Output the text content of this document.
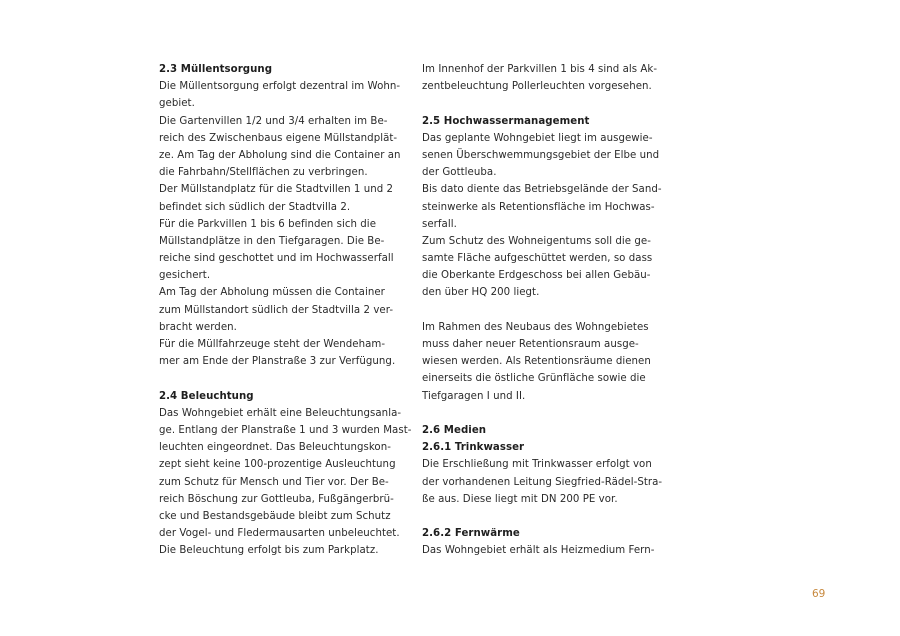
2.3 Müllentsorgung
Die Müllentsorgung erfolgt dezentral im Wohn-
gebiet.
Die Gartenvillen 1/2 und 3/4 erhalten im Be-
reich des Zwischenbaus eigene Müllstandplät-
ze. Am Tag der Abholung sind die Container an
die Fahrbahn/Stellflächen zu verbringen.
Der Müllstandplatz für die Stadtvillen 1 und 2
befindet sich südlich der Stadtvilla 2.
Für die Parkvillen 1 bis 6 befinden sich die
Müllstandplätze in den Tiefgaragen. Die Be-
reiche sind geschottet und im Hochwasserfall
gesichert.
Am Tag der Abholung müssen die Container
zum Müllstandort südlich der Stadtvilla 2 ver-
bracht werden.
Für die Müllfahrzeuge steht der Wendeham-
mer am Ende der Planstraße 3 zur Verfügung.
2.4 Beleuchtung
Das Wohngebiet erhält eine Beleuchtungsanla-
ge. Entlang der Planstraße 1 und 3 wurden Mast-
leuchten eingeordnet. Das Beleuchtungskon-
zept sieht keine 100-prozentige Ausleuchtung
zum Schutz für Mensch und Tier vor. Der Be-
reich Böschung zur Gottleuba, Fußgängerbrü-
cke und Bestandsgebäude bleibt zum Schutz
der Vogel- und Fledermausarten unbeleuchtet.
Die Beleuchtung erfolgt bis zum Parkplatz.
Im Innenhof der Parkvillen 1 bis 4 sind als Ak-
zentbeleuchtung Pollerleuchten vorgesehen.
2.5 Hochwassermanagement
Das geplante Wohngebiet liegt im ausgewie-
senen Überschwemmungsgebiet der Elbe und
der Gottleuba.
Bis dato diente das Betriebsgelände der Sand-
steinwerke als Retentionsfläche im Hochwas-
serfall.
Zum Schutz des Wohneigentums soll die ge-
samte Fläche aufgeschüttet werden, so dass
die Oberkante Erdgeschoss bei allen Gebäu-
den über HQ 200 liegt.
Im Rahmen des Neubaus des Wohngebietes
muss daher neuer Retentionsraum ausge-
wiesen werden. Als Retentionsräume dienen
einerseits die östliche Grünfläche sowie die
Tiefgaragen I und II.
2.6 Medien
2.6.1 Trinkwasser
Die Erschließung mit Trinkwasser erfolgt von
der vorhandenen Leitung Siegfried-Rädel-Stra-
ße aus. Diese liegt mit DN 200 PE vor.
2.6.2 Fernwärme
Das Wohngebiet erhält als Heizmedium Fern-
69
